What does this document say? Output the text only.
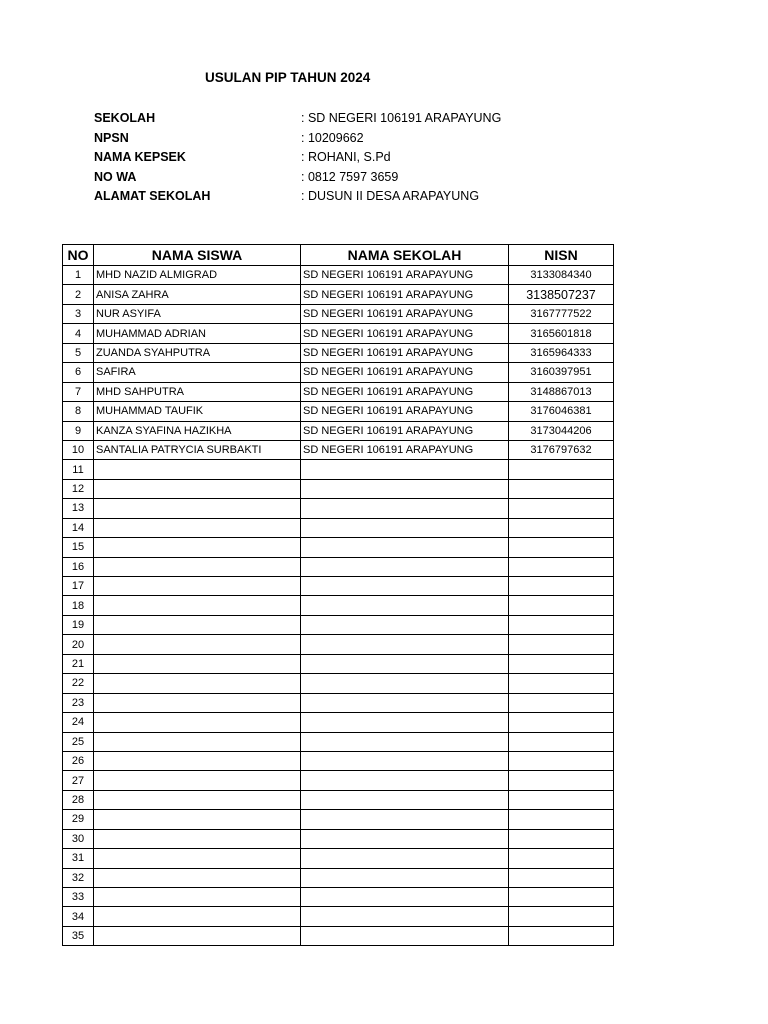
USULAN PIP TAHUN 2024
SEKOLAH	: SD NEGERI 106191 ARAPAYUNG
NPSN	: 10209662
NAMA KEPSEK	: ROHANI, S.Pd
NO WA	: 0812 7597 3659
ALAMAT SEKOLAH	: DUSUN II DESA ARAPAYUNG
NO	NAMA SISWA	NAMA SEKOLAH	NISN
1	MHD NAZID ALMIGRAD	SD NEGERI 106191 ARAPAYUNG	3133084340
2	ANISA ZAHRA	SD NEGERI 106191 ARAPAYUNG	3138507237
3	NUR ASYIFA	SD NEGERI 106191 ARAPAYUNG	3167777522
4	MUHAMMAD ADRIAN	SD NEGERI 106191 ARAPAYUNG	3165601818
5	ZUANDA SYAHPUTRA	SD NEGERI 106191 ARAPAYUNG	3165964333
6	SAFIRA	SD NEGERI 106191 ARAPAYUNG	3160397951
7	MHD SAHPUTRA	SD NEGERI 106191 ARAPAYUNG	3148867013
8	MUHAMMAD TAUFIK	SD NEGERI 106191 ARAPAYUNG	3176046381
9	KANZA SYAFINA HAZIKHA	SD NEGERI 106191 ARAPAYUNG	3173044206
10	SANTALIA PATRYCIA SURBAKTI	SD NEGERI 106191 ARAPAYUNG	3176797632
11			
12			
13			
14			
15			
16			
17			
18			
19			
20			
21			
22			
23			
24			
25			
26			
27			
28			
29			
30			
31			
32			
33			
34			
35			
